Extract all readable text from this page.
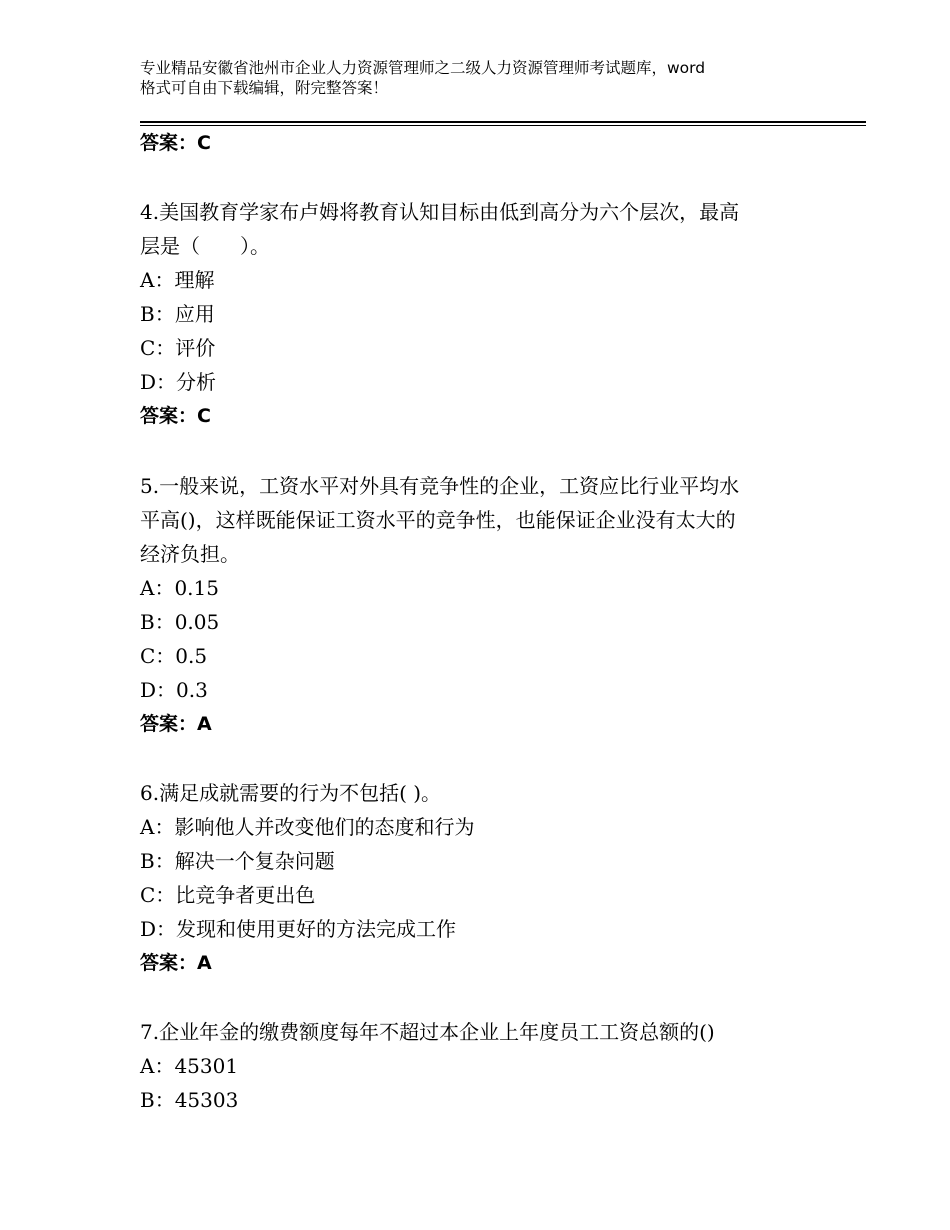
专业精品安徽省池州市企业人力资源管理师之二级人力资源管理师考试题库，word
格式可自由下载编辑，附完整答案！
答案：C
4.美国教育学家布卢姆将教育认知目标由低到高分为六个层次，最高
层是（　　）。
A：理解
B：应用
C：评价
D：分析
答案：C
5.一般来说，工资水平对外具有竞争性的企业，工资应比行业平均水
平高()，这样既能保证工资水平的竞争性，也能保证企业没有太大的
经济负担。
A：0.15
B：0.05
C：0.5
D：0.3
答案：A
6.满足成就需要的行为不包括( )。
A：影响他人并改变他们的态度和行为
B：解决一个复杂问题
C：比竞争者更出色
D：发现和使用更好的方法完成工作
答案：A
7.企业年金的缴费额度每年不超过本企业上年度员工工资总额的()
A：45301
B：45303
